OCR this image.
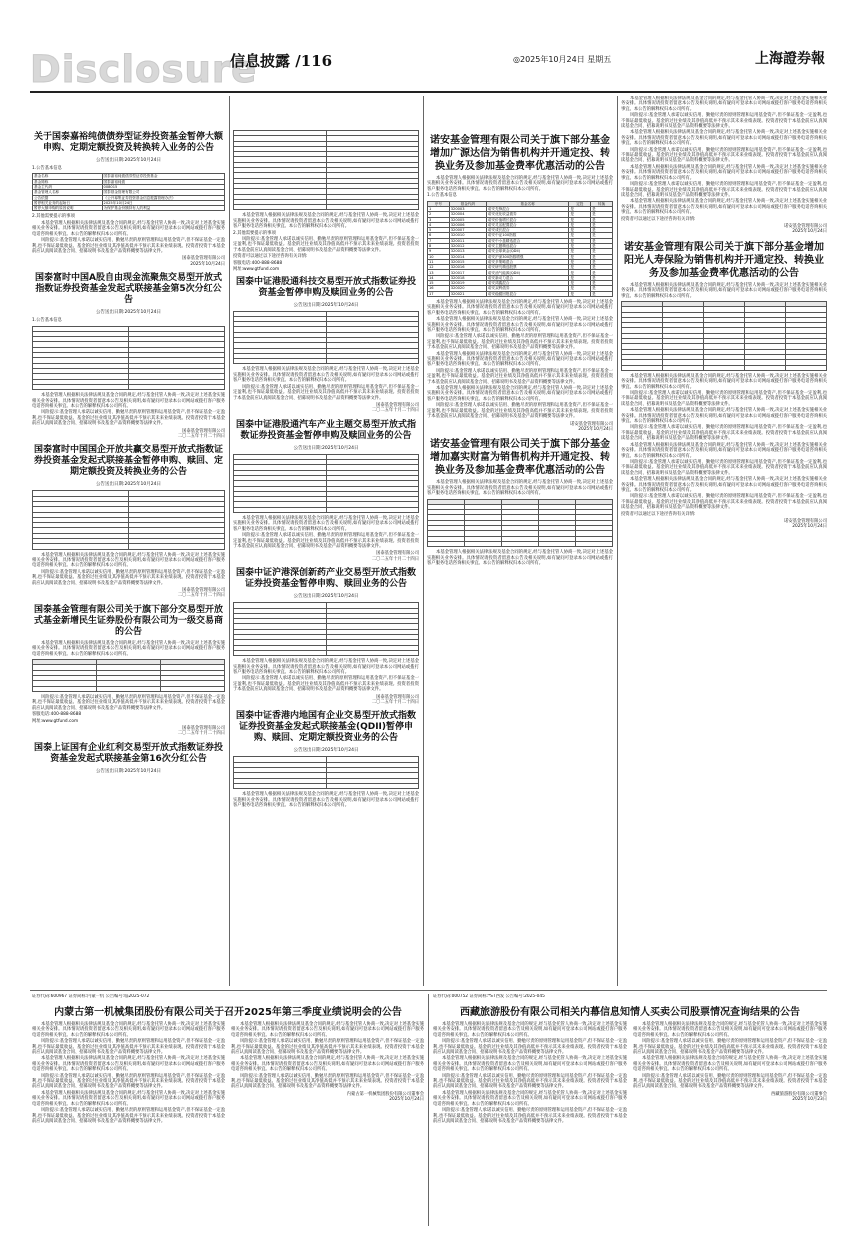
Disclosure
信息披露 /116	◎2025年10月24日 星期五	上海證券報
关于国泰嘉裕纯债债券型证券投资基金暂停大额申购、定期定额投资及转换转入业务的公告
公告送出日期:2025年10月24日

1.公告基本信息

基金名称	国泰嘉裕纯债债券型证券投资基金
基金简称	国泰嘉裕纯债
基金主代码	008015
基金管理人名称	国泰基金管理有限公司
公告依据	《公开募集证券投资基金信息披露管理办法》
暂停相关业务的起始日	2025年10月24日
暂停大额申购的原因说明	为保护基金份额持有人的利益

2.其他需要提示的事项

本基金管理人根据相关法律法规及基金合同的规定,经与基金托管人协商一致,决定对上述基金实施相关业务安排。具体情况请投资者留意本公告及相关说明,如有疑问可登录本公司网站或拨打客户服务电话咨询相关事宜。本公告的解释权归本公司所有。

风险提示:基金管理人承诺以诚实信用、勤勉尽责的原则管理和运用基金资产,但不保证基金一定盈利,也不保证最低收益。基金的过往业绩及其净值高低并不预示其未来业绩表现。投资者投资于本基金前应认真阅读基金合同、招募说明书及基金产品资料概要等法律文件。

国泰基金管理有限公司
2025年10月24日
国泰富时中国A股自由现金流聚焦交易型开放式指数证券投资基金发起式联接基金第5次分红公告
公告送出日期:2025年10月24日

1.公告基本信息

本基金管理人根据相关法律法规及基金合同的规定,经与基金托管人协商一致,决定对上述基金实施相关业务安排。具体情况请投资者留意本公告及相关说明,如有疑问可登录本公司网站或拨打客户服务电话咨询相关事宜。本公告的解释权归本公司所有。

风险提示:基金管理人承诺以诚实信用、勤勉尽责的原则管理和运用基金资产,但不保证基金一定盈利,也不保证最低收益。基金的过往业绩及其净值高低并不预示其未来业绩表现。投资者投资于本基金前应认真阅读基金合同、招募说明书及基金产品资料概要等法律文件。

国泰基金管理有限公司
二〇二五年十月二十四日
国泰富时中国国企开放共赢交易型开放式指数证券投资基金发起式联接基金暂停申购、赎回、定期定额投资及转换业务的公告
公告送出日期:2025年10月24日

本基金管理人根据相关法律法规及基金合同的规定,经与基金托管人协商一致,决定对上述基金实施相关业务安排。具体情况请投资者留意本公告及相关说明,如有疑问可登录本公司网站或拨打客户服务电话咨询相关事宜。本公告的解释权归本公司所有。

风险提示:基金管理人承诺以诚实信用、勤勉尽责的原则管理和运用基金资产,但不保证基金一定盈利,也不保证最低收益。基金的过往业绩及其净值高低并不预示其未来业绩表现。投资者投资于本基金前应认真阅读基金合同、招募说明书及基金产品资料概要等法律文件。

国泰基金管理有限公司
二〇二五年十月二十四日
国泰基金管理有限公司关于旗下部分交易型开放式基金新增民生证券股份有限公司为一级交易商的公告

本基金管理人根据相关法律法规及基金合同的规定,经与基金托管人协商一致,决定对上述基金实施相关业务安排。具体情况请投资者留意本公告及相关说明,如有疑问可登录本公司网站或拨打客户服务电话咨询相关事宜。本公告的解释权归本公司所有。

风险提示:基金管理人承诺以诚实信用、勤勉尽责的原则管理和运用基金资产,但不保证基金一定盈利,也不保证最低收益。基金的过往业绩及其净值高低并不预示其未来业绩表现。投资者投资于本基金前应认真阅读基金合同、招募说明书及基金产品资料概要等法律文件。

客服电话:400-888-8688

网址:www.gtfund.com

国泰基金管理有限公司
二〇二五年十月二十四日
国泰上证国有企业红利交易型开放式指数证券投资基金发起式联接基金第16次分红公告
公告送出日期:2025年10月24日

本基金管理人根据相关法律法规及基金合同的规定,经与基金托管人协商一致,决定对上述基金实施相关业务安排。具体情况请投资者留意本公告及相关说明,如有疑问可登录本公司网站或拨打客户服务电话咨询相关事宜。本公告的解释权归本公司所有。

2.其他需要提示的事项

风险提示:基金管理人承诺以诚实信用、勤勉尽责的原则管理和运用基金资产,但不保证基金一定盈利,也不保证最低收益。基金的过往业绩及其净值高低并不预示其未来业绩表现。投资者投资于本基金前应认真阅读基金合同、招募说明书及基金产品资料概要等法律文件。

投资者可以通过以下途径咨询有关详情:

客服电话:400-888-8688

网址:www.gtfund.com

国泰中证港股通科技交易型开放式指数证券投资基金暂停申购及赎回业务的公告
公告送出日期:2025年10月24日

本基金管理人根据相关法律法规及基金合同的规定,经与基金托管人协商一致,决定对上述基金实施相关业务安排。具体情况请投资者留意本公告及相关说明,如有疑问可登录本公司网站或拨打客户服务电话咨询相关事宜。本公告的解释权归本公司所有。

风险提示:基金管理人承诺以诚实信用、勤勉尽责的原则管理和运用基金资产,但不保证基金一定盈利,也不保证最低收益。基金的过往业绩及其净值高低并不预示其未来业绩表现。投资者投资于本基金前应认真阅读基金合同、招募说明书及基金产品资料概要等法律文件。

国泰基金管理有限公司
二〇二五年十月二十四日
国泰中证港股通汽车产业主题交易型开放式指数证券投资基金暂停申购及赎回业务的公告
公告送出日期:2025年10月24日

本基金管理人根据相关法律法规及基金合同的规定,经与基金托管人协商一致,决定对上述基金实施相关业务安排。具体情况请投资者留意本公告及相关说明,如有疑问可登录本公司网站或拨打客户服务电话咨询相关事宜。本公告的解释权归本公司所有。

风险提示:基金管理人承诺以诚实信用、勤勉尽责的原则管理和运用基金资产,但不保证基金一定盈利,也不保证最低收益。基金的过往业绩及其净值高低并不预示其未来业绩表现。投资者投资于本基金前应认真阅读基金合同、招募说明书及基金产品资料概要等法律文件。

国泰基金管理有限公司
二〇二五年十月二十四日
国泰中证沪港深创新药产业交易型开放式指数证券投资基金暂停申购、赎回业务的公告
公告送出日期:2025年10月24日

本基金管理人根据相关法律法规及基金合同的规定,经与基金托管人协商一致,决定对上述基金实施相关业务安排。具体情况请投资者留意本公告及相关说明,如有疑问可登录本公司网站或拨打客户服务电话咨询相关事宜。本公告的解释权归本公司所有。

风险提示:基金管理人承诺以诚实信用、勤勉尽责的原则管理和运用基金资产,但不保证基金一定盈利,也不保证最低收益。基金的过往业绩及其净值高低并不预示其未来业绩表现。投资者投资于本基金前应认真阅读基金合同、招募说明书及基金产品资料概要等法律文件。

国泰基金管理有限公司
二〇二五年十月二十四日
国泰中证香港内地国有企业交易型开放式指数证券投资基金发起式联接基金(QDII)暂停申购、赎回、定期定额投资业务的公告
公告送出日期:2025年10月24日

本基金管理人根据相关法律法规及基金合同的规定,经与基金托管人协商一致,决定对上述基金实施相关业务安排。具体情况请投资者留意本公告及相关说明,如有疑问可登录本公司网站或拨打客户服务电话咨询相关事宜。本公告的解释权归本公司所有。

诺安基金管理有限公司关于旗下部分基金增加广源达信为销售机构并开通定投、转换业务及参加基金费率优惠活动的公告

本基金管理人根据相关法律法规及基金合同的规定,经与基金托管人协商一致,决定对上述基金实施相关业务安排。具体情况请投资者留意本公告及相关说明,如有疑问可登录本公司网站或拨打客户服务电话咨询相关事宜。本公告的解释权归本公司所有。

1.公告基本信息

序号	基金代码	基金名称	定投	转换
1	320003	诺安先锋混合	是	是
2	320004	诺安优化收益债券	是	是
3	320005	诺安价值增长混合	是	是
4	320006	诺安灵活配置混合	是	是
5	320007	诺安成长混合	是	是
6	320010	诺安中证100指数	是	是
7	320011	诺安中小盘精选混合	是	是
8	320012	诺安主题精选混合	是	是
9	320013	诺安全球黄金(QDII)	是	是
10	320014	诺安沪深300指数增强	是	是
11	320015	诺安多策略混合	是	是
12	320016	诺安研究精选股票	是	是
13	320017	诺安油气能源(QDII)	是	是
14	320018	诺安新动力混合	是	是
15	320019	诺安鸿鑫混合	是	是
16	320020	诺安双利债券	是	是
17	320021	诺安稳健回报混合	是	是

本基金管理人根据相关法律法规及基金合同的规定,经与基金托管人协商一致,决定对上述基金实施相关业务安排。具体情况请投资者留意本公告及相关说明,如有疑问可登录本公司网站或拨打客户服务电话咨询相关事宜。本公告的解释权归本公司所有。

本基金管理人根据相关法律法规及基金合同的规定,经与基金托管人协商一致,决定对上述基金实施相关业务安排。具体情况请投资者留意本公告及相关说明,如有疑问可登录本公司网站或拨打客户服务电话咨询相关事宜。本公告的解释权归本公司所有。

风险提示:基金管理人承诺以诚实信用、勤勉尽责的原则管理和运用基金资产,但不保证基金一定盈利,也不保证最低收益。基金的过往业绩及其净值高低并不预示其未来业绩表现。投资者投资于本基金前应认真阅读基金合同、招募说明书及基金产品资料概要等法律文件。

本基金管理人根据相关法律法规及基金合同的规定,经与基金托管人协商一致,决定对上述基金实施相关业务安排。具体情况请投资者留意本公告及相关说明,如有疑问可登录本公司网站或拨打客户服务电话咨询相关事宜。本公告的解释权归本公司所有。

风险提示:基金管理人承诺以诚实信用、勤勉尽责的原则管理和运用基金资产,但不保证基金一定盈利,也不保证最低收益。基金的过往业绩及其净值高低并不预示其未来业绩表现。投资者投资于本基金前应认真阅读基金合同、招募说明书及基金产品资料概要等法律文件。

本基金管理人根据相关法律法规及基金合同的规定,经与基金托管人协商一致,决定对上述基金实施相关业务安排。具体情况请投资者留意本公告及相关说明,如有疑问可登录本公司网站或拨打客户服务电话咨询相关事宜。本公告的解释权归本公司所有。

风险提示:基金管理人承诺以诚实信用、勤勉尽责的原则管理和运用基金资产,但不保证基金一定盈利,也不保证最低收益。基金的过往业绩及其净值高低并不预示其未来业绩表现。投资者投资于本基金前应认真阅读基金合同、招募说明书及基金产品资料概要等法律文件。

诺安基金管理有限公司
2025年10月24日
诺安基金管理有限公司关于旗下部分基金增加嘉实财富为销售机构并开通定投、转换业务及参加基金费率优惠活动的公告

本基金管理人根据相关法律法规及基金合同的规定,经与基金托管人协商一致,决定对上述基金实施相关业务安排。具体情况请投资者留意本公告及相关说明,如有疑问可登录本公司网站或拨打客户服务电话咨询相关事宜。本公告的解释权归本公司所有。

本基金管理人根据相关法律法规及基金合同的规定,经与基金托管人协商一致,决定对上述基金实施相关业务安排。具体情况请投资者留意本公告及相关说明,如有疑问可登录本公司网站或拨打客户服务电话咨询相关事宜。本公告的解释权归本公司所有。

本基金管理人根据相关法律法规及基金合同的规定,经与基金托管人协商一致,决定对上述基金实施相关业务安排。具体情况请投资者留意本公告及相关说明,如有疑问可登录本公司网站或拨打客户服务电话咨询相关事宜。本公告的解释权归本公司所有。

风险提示:基金管理人承诺以诚实信用、勤勉尽责的原则管理和运用基金资产,但不保证基金一定盈利,也不保证最低收益。基金的过往业绩及其净值高低并不预示其未来业绩表现。投资者投资于本基金前应认真阅读基金合同、招募说明书及基金产品资料概要等法律文件。

本基金管理人根据相关法律法规及基金合同的规定,经与基金托管人协商一致,决定对上述基金实施相关业务安排。具体情况请投资者留意本公告及相关说明,如有疑问可登录本公司网站或拨打客户服务电话咨询相关事宜。本公告的解释权归本公司所有。

风险提示:基金管理人承诺以诚实信用、勤勉尽责的原则管理和运用基金资产,但不保证基金一定盈利,也不保证最低收益。基金的过往业绩及其净值高低并不预示其未来业绩表现。投资者投资于本基金前应认真阅读基金合同、招募说明书及基金产品资料概要等法律文件。

本基金管理人根据相关法律法规及基金合同的规定,经与基金托管人协商一致,决定对上述基金实施相关业务安排。具体情况请投资者留意本公告及相关说明,如有疑问可登录本公司网站或拨打客户服务电话咨询相关事宜。本公告的解释权归本公司所有。

风险提示:基金管理人承诺以诚实信用、勤勉尽责的原则管理和运用基金资产,但不保证基金一定盈利,也不保证最低收益。基金的过往业绩及其净值高低并不预示其未来业绩表现。投资者投资于本基金前应认真阅读基金合同、招募说明书及基金产品资料概要等法律文件。

本基金管理人根据相关法律法规及基金合同的规定,经与基金托管人协商一致,决定对上述基金实施相关业务安排。具体情况请投资者留意本公告及相关说明,如有疑问可登录本公司网站或拨打客户服务电话咨询相关事宜。本公告的解释权归本公司所有。

投资者可以通过以下途径咨询有关详情:

诺安基金管理有限公司
2025年10月24日
诺安基金管理有限公司关于旗下部分基金增加阳光人寿保险为销售机构并开通定投、转换业务及参加基金费率优惠活动的公告

本基金管理人根据相关法律法规及基金合同的规定,经与基金托管人协商一致,决定对上述基金实施相关业务安排。具体情况请投资者留意本公告及相关说明,如有疑问可登录本公司网站或拨打客户服务电话咨询相关事宜。本公告的解释权归本公司所有。

本基金管理人根据相关法律法规及基金合同的规定,经与基金托管人协商一致,决定对上述基金实施相关业务安排。具体情况请投资者留意本公告及相关说明,如有疑问可登录本公司网站或拨打客户服务电话咨询相关事宜。本公告的解释权归本公司所有。

风险提示:基金管理人承诺以诚实信用、勤勉尽责的原则管理和运用基金资产,但不保证基金一定盈利,也不保证最低收益。基金的过往业绩及其净值高低并不预示其未来业绩表现。投资者投资于本基金前应认真阅读基金合同、招募说明书及基金产品资料概要等法律文件。

本基金管理人根据相关法律法规及基金合同的规定,经与基金托管人协商一致,决定对上述基金实施相关业务安排。具体情况请投资者留意本公告及相关说明,如有疑问可登录本公司网站或拨打客户服务电话咨询相关事宜。本公告的解释权归本公司所有。

风险提示:基金管理人承诺以诚实信用、勤勉尽责的原则管理和运用基金资产,但不保证基金一定盈利,也不保证最低收益。基金的过往业绩及其净值高低并不预示其未来业绩表现。投资者投资于本基金前应认真阅读基金合同、招募说明书及基金产品资料概要等法律文件。

本基金管理人根据相关法律法规及基金合同的规定,经与基金托管人协商一致,决定对上述基金实施相关业务安排。具体情况请投资者留意本公告及相关说明,如有疑问可登录本公司网站或拨打客户服务电话咨询相关事宜。本公告的解释权归本公司所有。

风险提示:基金管理人承诺以诚实信用、勤勉尽责的原则管理和运用基金资产,但不保证基金一定盈利,也不保证最低收益。基金的过往业绩及其净值高低并不预示其未来业绩表现。投资者投资于本基金前应认真阅读基金合同、招募说明书及基金产品资料概要等法律文件。

本基金管理人根据相关法律法规及基金合同的规定,经与基金托管人协商一致,决定对上述基金实施相关业务安排。具体情况请投资者留意本公告及相关说明,如有疑问可登录本公司网站或拨打客户服务电话咨询相关事宜。本公告的解释权归本公司所有。

风险提示:基金管理人承诺以诚实信用、勤勉尽责的原则管理和运用基金资产,但不保证基金一定盈利,也不保证最低收益。基金的过往业绩及其净值高低并不预示其未来业绩表现。投资者投资于本基金前应认真阅读基金合同、招募说明书及基金产品资料概要等法律文件。

投资者可以通过以下途径咨询有关详情:

诺安基金管理有限公司
2025年10月24日
证券代码:600967 证券简称:内蒙一机 公告编号:临2025-072
内蒙古第一机械集团股份有限公司关于召开2025年第三季度业绩说明会的公告

本基金管理人根据相关法律法规及基金合同的规定,经与基金托管人协商一致,决定对上述基金实施相关业务安排。具体情况请投资者留意本公告及相关说明,如有疑问可登录本公司网站或拨打客户服务电话咨询相关事宜。本公告的解释权归本公司所有。

风险提示:基金管理人承诺以诚实信用、勤勉尽责的原则管理和运用基金资产,但不保证基金一定盈利,也不保证最低收益。基金的过往业绩及其净值高低并不预示其未来业绩表现。投资者投资于本基金前应认真阅读基金合同、招募说明书及基金产品资料概要等法律文件。

本基金管理人根据相关法律法规及基金合同的规定,经与基金托管人协商一致,决定对上述基金实施相关业务安排。具体情况请投资者留意本公告及相关说明,如有疑问可登录本公司网站或拨打客户服务电话咨询相关事宜。本公告的解释权归本公司所有。

风险提示:基金管理人承诺以诚实信用、勤勉尽责的原则管理和运用基金资产,但不保证基金一定盈利,也不保证最低收益。基金的过往业绩及其净值高低并不预示其未来业绩表现。投资者投资于本基金前应认真阅读基金合同、招募说明书及基金产品资料概要等法律文件。

本基金管理人根据相关法律法规及基金合同的规定,经与基金托管人协商一致,决定对上述基金实施相关业务安排。具体情况请投资者留意本公告及相关说明,如有疑问可登录本公司网站或拨打客户服务电话咨询相关事宜。本公告的解释权归本公司所有。

风险提示:基金管理人承诺以诚实信用、勤勉尽责的原则管理和运用基金资产,但不保证基金一定盈利,也不保证最低收益。基金的过往业绩及其净值高低并不预示其未来业绩表现。投资者投资于本基金前应认真阅读基金合同、招募说明书及基金产品资料概要等法律文件。

本基金管理人根据相关法律法规及基金合同的规定,经与基金托管人协商一致,决定对上述基金实施相关业务安排。具体情况请投资者留意本公告及相关说明,如有疑问可登录本公司网站或拨打客户服务电话咨询相关事宜。本公告的解释权归本公司所有。

风险提示:基金管理人承诺以诚实信用、勤勉尽责的原则管理和运用基金资产,但不保证基金一定盈利,也不保证最低收益。基金的过往业绩及其净值高低并不预示其未来业绩表现。投资者投资于本基金前应认真阅读基金合同、招募说明书及基金产品资料概要等法律文件。

本基金管理人根据相关法律法规及基金合同的规定,经与基金托管人协商一致,决定对上述基金实施相关业务安排。具体情况请投资者留意本公告及相关说明,如有疑问可登录本公司网站或拨打客户服务电话咨询相关事宜。本公告的解释权归本公司所有。

风险提示:基金管理人承诺以诚实信用、勤勉尽责的原则管理和运用基金资产,但不保证基金一定盈利,也不保证最低收益。基金的过往业绩及其净值高低并不预示其未来业绩表现。投资者投资于本基金前应认真阅读基金合同、招募说明书及基金产品资料概要等法律文件。

内蒙古第一机械集团股份有限公司董事会
2025年10月24日
证券代码:000752 证券简称:*ST西发 公告编号:2025-045
西藏旅游股份有限公司相关内幕信息知情人买卖公司股票情况查询结果的公告

本基金管理人根据相关法律法规及基金合同的规定,经与基金托管人协商一致,决定对上述基金实施相关业务安排。具体情况请投资者留意本公告及相关说明,如有疑问可登录本公司网站或拨打客户服务电话咨询相关事宜。本公告的解释权归本公司所有。

风险提示:基金管理人承诺以诚实信用、勤勉尽责的原则管理和运用基金资产,但不保证基金一定盈利,也不保证最低收益。基金的过往业绩及其净值高低并不预示其未来业绩表现。投资者投资于本基金前应认真阅读基金合同、招募说明书及基金产品资料概要等法律文件。

本基金管理人根据相关法律法规及基金合同的规定,经与基金托管人协商一致,决定对上述基金实施相关业务安排。具体情况请投资者留意本公告及相关说明,如有疑问可登录本公司网站或拨打客户服务电话咨询相关事宜。本公告的解释权归本公司所有。

风险提示:基金管理人承诺以诚实信用、勤勉尽责的原则管理和运用基金资产,但不保证基金一定盈利,也不保证最低收益。基金的过往业绩及其净值高低并不预示其未来业绩表现。投资者投资于本基金前应认真阅读基金合同、招募说明书及基金产品资料概要等法律文件。

本基金管理人根据相关法律法规及基金合同的规定,经与基金托管人协商一致,决定对上述基金实施相关业务安排。具体情况请投资者留意本公告及相关说明,如有疑问可登录本公司网站或拨打客户服务电话咨询相关事宜。本公告的解释权归本公司所有。

风险提示:基金管理人承诺以诚实信用、勤勉尽责的原则管理和运用基金资产,但不保证基金一定盈利,也不保证最低收益。基金的过往业绩及其净值高低并不预示其未来业绩表现。投资者投资于本基金前应认真阅读基金合同、招募说明书及基金产品资料概要等法律文件。

本基金管理人根据相关法律法规及基金合同的规定,经与基金托管人协商一致,决定对上述基金实施相关业务安排。具体情况请投资者留意本公告及相关说明,如有疑问可登录本公司网站或拨打客户服务电话咨询相关事宜。本公告的解释权归本公司所有。

风险提示:基金管理人承诺以诚实信用、勤勉尽责的原则管理和运用基金资产,但不保证基金一定盈利,也不保证最低收益。基金的过往业绩及其净值高低并不预示其未来业绩表现。投资者投资于本基金前应认真阅读基金合同、招募说明书及基金产品资料概要等法律文件。

本基金管理人根据相关法律法规及基金合同的规定,经与基金托管人协商一致,决定对上述基金实施相关业务安排。具体情况请投资者留意本公告及相关说明,如有疑问可登录本公司网站或拨打客户服务电话咨询相关事宜。本公告的解释权归本公司所有。

风险提示:基金管理人承诺以诚实信用、勤勉尽责的原则管理和运用基金资产,但不保证基金一定盈利,也不保证最低收益。基金的过往业绩及其净值高低并不预示其未来业绩表现。投资者投资于本基金前应认真阅读基金合同、招募说明书及基金产品资料概要等法律文件。

西藏旅游股份有限公司董事会
2025年10月23日
